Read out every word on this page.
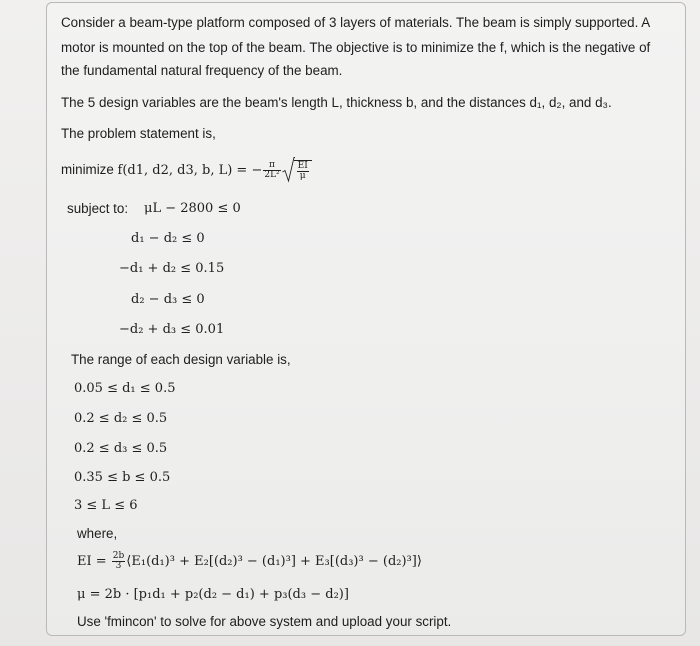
Consider a beam-type platform composed of 3 layers of materials. The beam is simply supported. A
motor is mounted on the top of the beam. The objective is to minimize the f, which is the negative of
the fundamental natural frequency of the beam.
The 5 design variables are the beam's length L, thickness b, and the distances d₁, d₂, and d₃.
The problem statement is,
minimize f(d1, d2, d3, b, L) = − $\frac{\pi}{\text{2L²}} \frac{EI}{\mu}$
subject to: μL − 2800 ≤ 0
d₁ − d₂ ≤ 0
−d₁ + d₂ ≤ 0.15
d₂ − d₃ ≤ 0
−d₂ + d₃ ≤ 0.01
The range of each design variable is,
0.05 ≤ d₁ ≤ 0.5
0.2 ≤ d₂ ≤ 0.5
0.2 ≤ d₃ ≤ 0.5
0.35 ≤ b ≤ 0.5
3 ≤ L ≤ 6
where,
EI = $\frac{2b}{3}$ ⟨E₁(d₁)³ + E₂[(d₂)³ − (d₁)³] + E₃[(d₃)³ − (d₂)³]⟩
μ = 2b · [p₁d₁ + p₂(d₂ − d₁) + p₃(d₃ − d₂)]
Use 'fmincon' to solve for above system and upload your script.
